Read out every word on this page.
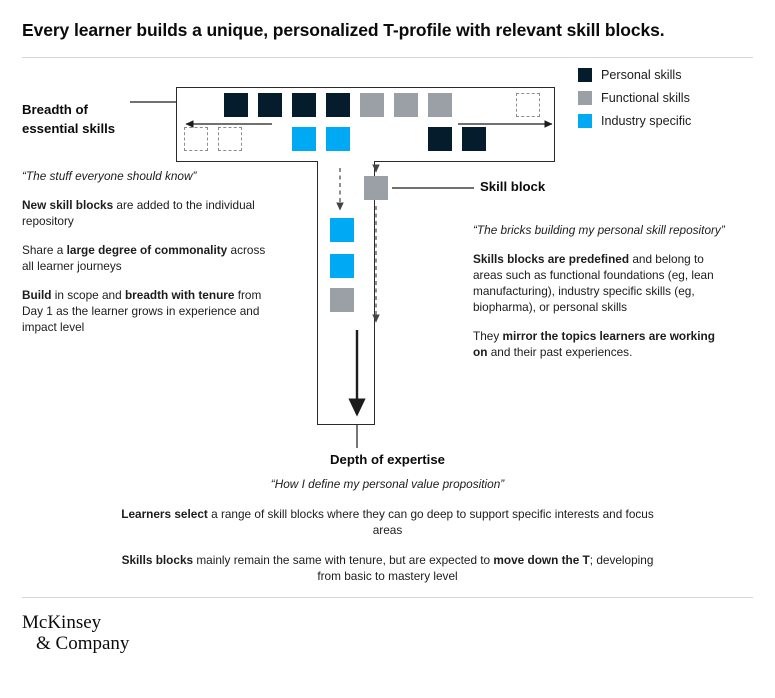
Every learner builds a unique, personalized T-profile with relevant skill blocks.
Personal skills
Functional skills
Industry specific
Breadth of essential skills
Skill block
Depth of expertise
“The stuff everyone should know”
New skill blocks are added to the individual repository
Share a large degree of commonality across all learner journeys
Build in scope and breadth with tenure from Day 1 as the learner grows in experience and impact level
“The bricks building my personal skill repository”
Skills blocks are predefined and belong to areas such as functional foundations (eg, lean manufacturing), industry specific skills (eg, biopharma), or personal skills
They mirror the topics learners are working on and their past experiences.
“How I define my personal value proposition”
Learners select a range of skill blocks where they can go deep to support specific interests and focus areas
Skills blocks mainly remain the same with tenure, but are expected to move down the T; developing from basic to mastery level
McKinsey
& Company
